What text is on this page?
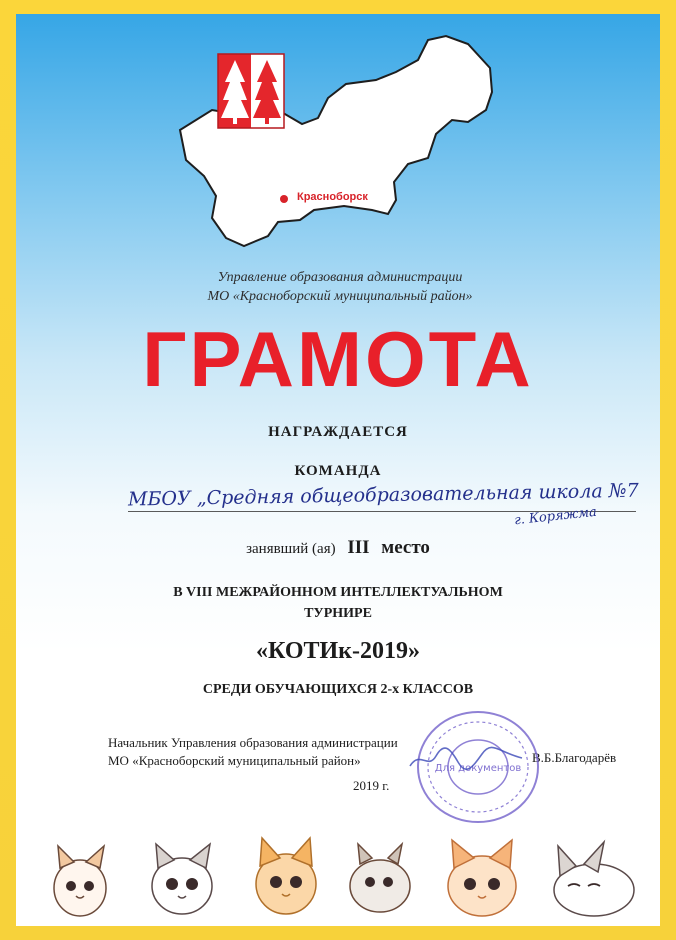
Красноборск
Управление образования администрации
МО «Красноборский муниципальный район»
ГРАМОТА
НАГРАЖДАЕТСЯ
КОМАНДА
МБОУ „Средняя общеобразовательная школа №7
г. Коряжма
занявший (ая) III место
В VIII МЕЖРАЙОННОМ ИНТЕЛЛЕКТУАЛЬНОМ
ТУРНИРЕ
«КОТИк-2019»
СРЕДИ ОБУЧАЮЩИХСЯ 2-х КЛАССОВ
Начальник Управления образования администрации
МО «Красноборский муниципальный район»	В.Б.Благодарёв
Для документов
2019 г.
